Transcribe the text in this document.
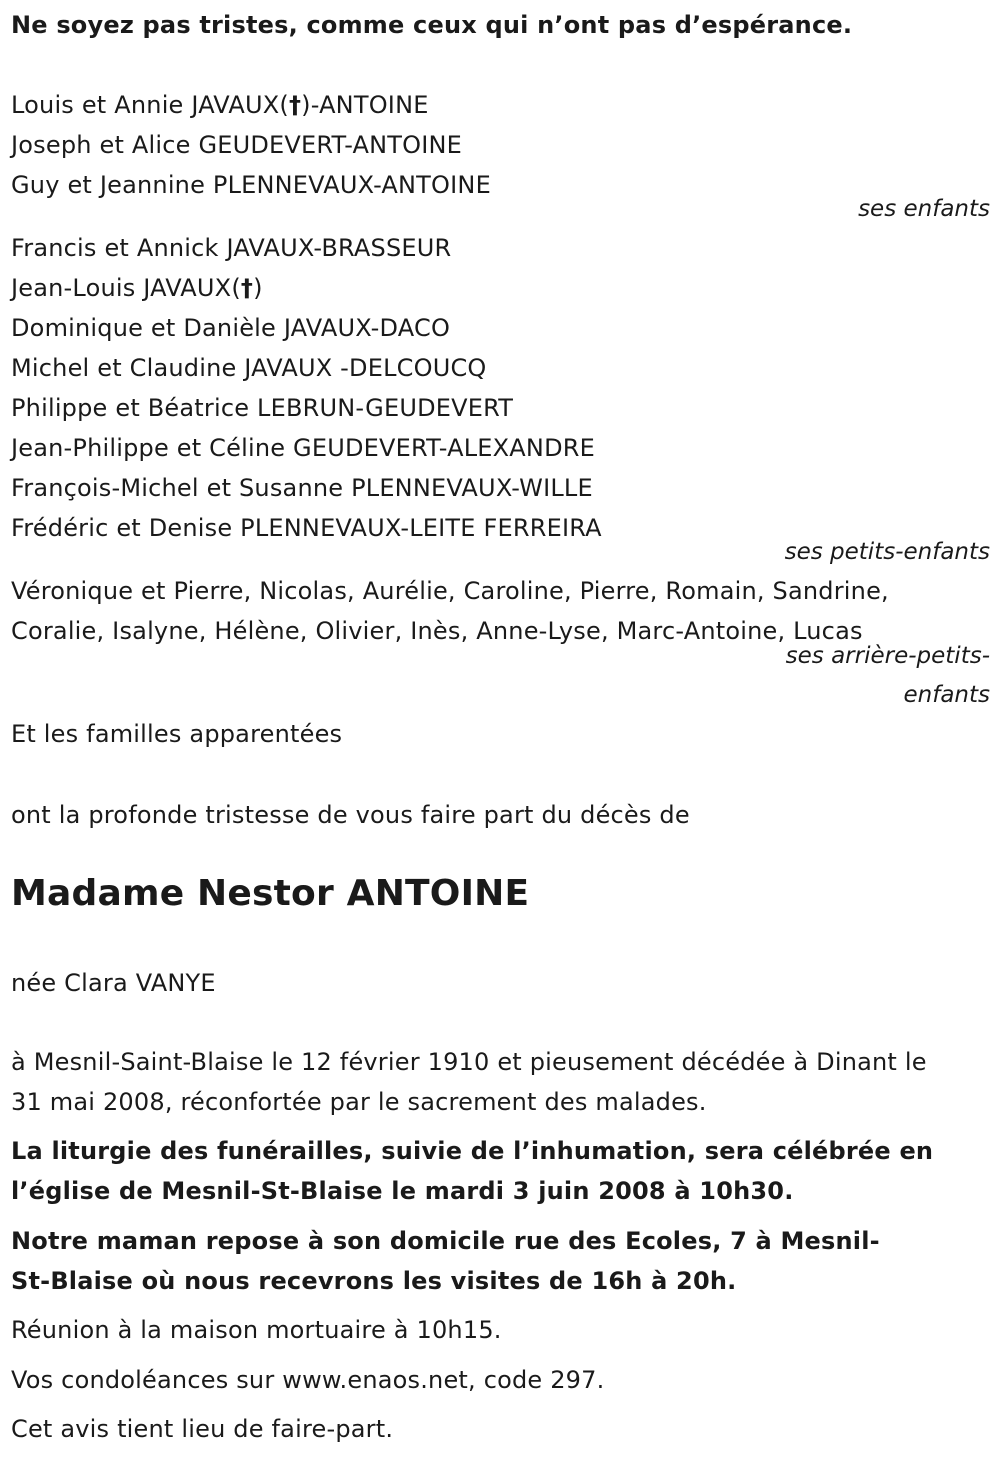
Ne soyez pas tristes, comme ceux qui n’ont pas d’espérance.
Louis et Annie JAVAUX(†)-ANTOINE
Joseph et Alice GEUDEVERT-ANTOINE
Guy et Jeannine PLENNEVAUX-ANTOINE
ses enfants
Francis et Annick JAVAUX-BRASSEUR
Jean-Louis JAVAUX(†)
Dominique et Danièle JAVAUX-DACO
Michel et Claudine JAVAUX -DELCOUCQ
Philippe et Béatrice LEBRUN-GEUDEVERT
Jean-Philippe et Céline GEUDEVERT-ALEXANDRE
François-Michel et Susanne PLENNEVAUX-WILLE
Frédéric et Denise PLENNEVAUX-LEITE FERREIRA
ses petits-enfants
Véronique et Pierre, Nicolas, Aurélie, Caroline, Pierre, Romain, Sandrine,
Coralie, Isalyne, Hélène, Olivier, Inès, Anne-Lyse, Marc-Antoine, Lucas
ses arrière-petits-
enfants
Et les familles apparentées
ont la profonde tristesse de vous faire part du décès de
Madame Nestor ANTOINE
née Clara VANYE
à Mesnil-Saint-Blaise le 12 février 1910 et pieusement décédée à Dinant le
31 mai 2008, réconfortée par le sacrement des malades.
La liturgie des funérailles, suivie de l’inhumation, sera célébrée en
l’église de Mesnil-St-Blaise le mardi 3 juin 2008 à 10h30.
Notre maman repose à son domicile rue des Ecoles, 7 à Mesnil-
St-Blaise où nous recevrons les visites de 16h à 20h.
Réunion à la maison mortuaire à 10h15.
Vos condoléances sur www.enaos.net, code 297.
Cet avis tient lieu de faire-part.
